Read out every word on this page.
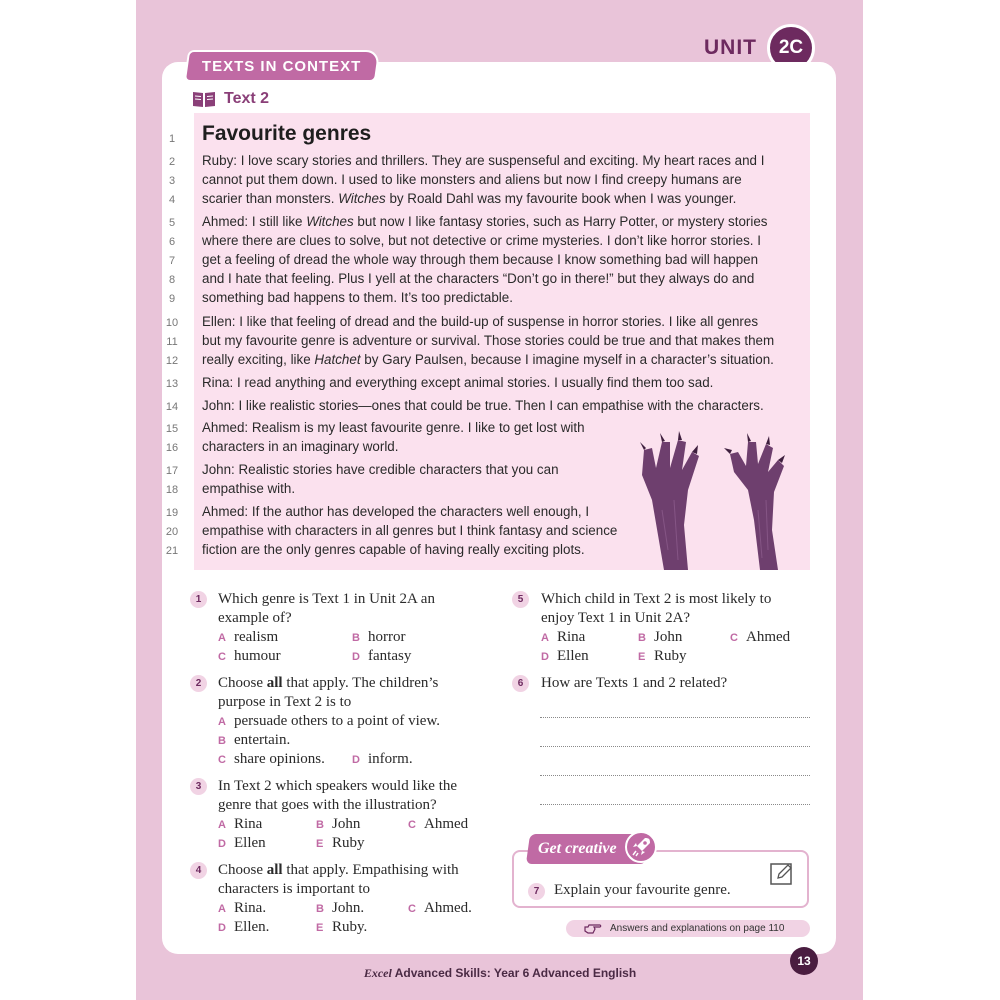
UNIT	2C
TEXTS IN CONTEXT
Text 2
1
2
3
4
5
6
7
8
9
10
11
12
13
14
15
16
17
18
19
20
21
Favourite genres
Ruby: I love scary stories and thrillers. They are suspenseful and exciting. My heart races and I
cannot put them down. I used to like monsters and aliens but now I find creepy humans are
scarier than monsters. Witches by Roald Dahl was my favourite book when I was younger.
Ahmed: I still like Witches but now I like fantasy stories, such as Harry Potter, or mystery stories
where there are clues to solve, but not detective or crime mysteries. I don’t like horror stories. I
get a feeling of dread the whole way through them because I know something bad will happen
and I hate that feeling. Plus I yell at the characters “Don’t go in there!” but they always do and
something bad happens to them. It’s too predictable.
Ellen: I like that feeling of dread and the build-up of suspense in horror stories. I like all genres
but my favourite genre is adventure or survival. Those stories could be true and that makes them
really exciting, like Hatchet by Gary Paulsen, because I imagine myself in a character’s situation.
Rina: I read anything and everything except animal stories. I usually find them too sad.
John: I like realistic stories—ones that could be true. Then I can empathise with the characters.
Ahmed: Realism is my least favourite genre. I like to get lost with
characters in an imaginary world.
John: Realistic stories have credible characters that you can
empathise with.
Ahmed: If the author has developed the characters well enough, I
empathise with characters in all genres but I think fantasy and science
fiction are the only genres capable of having really exciting plots.
1	Which genre is Text 1 in Unit 2A an
example of?
A realism	B horror
C humour	D fantasy
2	Choose all that apply. The children’s
purpose in Text 2 is to
A persuade others to a point of view.
B entertain.
C share opinions. D inform.
3	In Text 2 which speakers would like the
genre that goes with the illustration?
A Rina	B John	C Ahmed
D Ellen	E Ruby
4	Choose all that apply. Empathising with
characters is important to
A Rina.	B John.	C Ahmed.
D Ellen.	E Ruby.
5	Which child in Text 2 is most likely to
enjoy Text 1 in Unit 2A?
A Rina	B John	C Ahmed
D Ellen	E Ruby
6	How are Texts 1 and 2 related?
Get creative
7 Explain your favourite genre.
Answers and explanations on page 110
Excel Advanced Skills: Year 6 Advanced English
13
